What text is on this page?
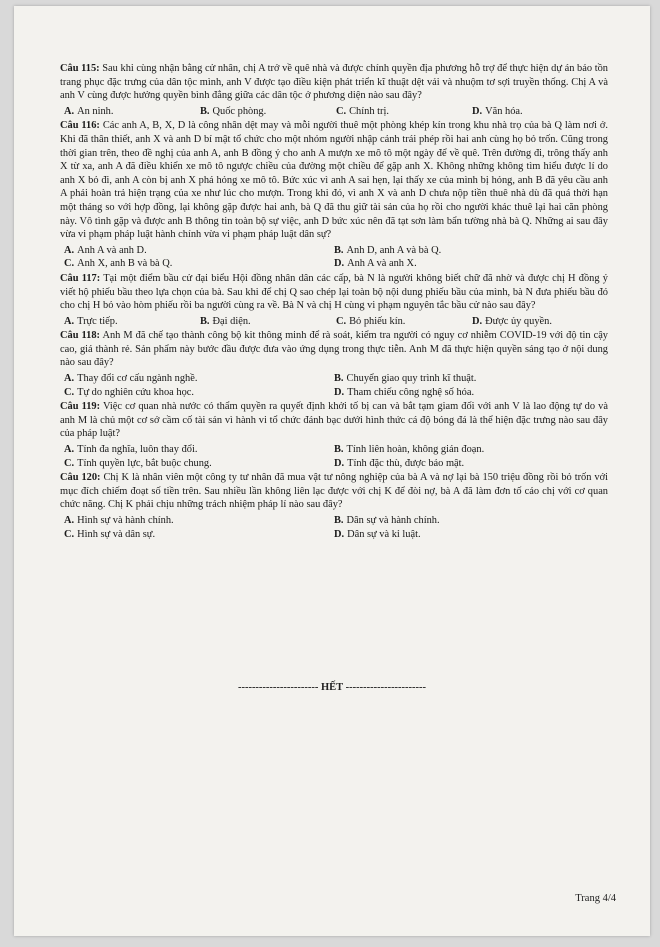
Câu 115: Sau khi cùng nhận bằng cử nhân, chị A trở về quê nhà và được chính quyền địa phương hỗ trợ để thực hiện dự án bảo tồn trang phục đặc trưng của dân tộc mình, anh V được tạo điều kiện phát triển kĩ thuật dệt vải và nhuộm tơ sợi truyền thống. Chị A và anh V cùng được hưởng quyền bình đẳng giữa các dân tộc ở phương diện nào sau đây?

A. An ninh.	B. Quốc phòng.	C. Chính trị.	D. Văn hóa.

Câu 116: Các anh A, B, X, D là công nhân dệt may và mỗi người thuê một phòng khép kín trong khu nhà trọ của bà Q làm nơi ở. Khi đã thân thiết, anh X và anh D bí mật tổ chức cho một nhóm người nhập cảnh trái phép rồi hai anh cùng họ bỏ trốn. Cũng trong thời gian trên, theo đề nghị của anh A, anh B đồng ý cho anh A mượn xe mô tô một ngày để về quê. Trên đường đi, trông thấy anh X từ xa, anh A đã điều khiển xe mô tô ngược chiều của đường một chiều để gặp anh X. Không những không tìm hiểu được lí do anh X bỏ đi, anh A còn bị anh X phá hỏng xe mô tô. Bức xúc vì anh A sai hẹn, lại thấy xe của mình bị hỏng, anh B đã yêu cầu anh A phải hoàn trả hiện trạng của xe như lúc cho mượn. Trong khi đó, vì anh X và anh D chưa nộp tiền thuê nhà dù đã quá thời hạn một tháng so với hợp đồng, lại không gặp được hai anh, bà Q đã thu giữ tài sản của họ rồi cho người khác thuê lại hai căn phòng này. Vô tình gặp và được anh B thông tin toàn bộ sự việc, anh D bức xúc nên đã tạt sơn làm bẩn tường nhà bà Q. Những ai sau đây vừa vi phạm pháp luật hành chính vừa vi phạm pháp luật dân sự?

A. Anh A và anh D.	B. Anh D, anh A và bà Q.
C. Anh X, anh B và bà Q.	D. Anh A và anh X.

Câu 117: Tại một điểm bầu cử đại biểu Hội đồng nhân dân các cấp, bà N là người không biết chữ đã nhờ và được chị H đồng ý viết hộ phiếu bầu theo lựa chọn của bà. Sau khi để chị Q sao chép lại toàn bộ nội dung phiếu bầu của mình, bà N đưa phiếu bầu đó cho chị H bỏ vào hòm phiếu rồi ba người cùng ra về. Bà N và chị H cùng vi phạm nguyên tắc bầu cử nào sau đây?

A. Trực tiếp.	B. Đại diện.	C. Bỏ phiếu kín.	D. Được ủy quyền.

Câu 118: Anh M đã chế tạo thành công bộ kit thông minh để rà soát, kiểm tra người có nguy cơ nhiễm COVID-19 với độ tin cậy cao, giá thành rẻ. Sản phẩm này bước đầu được đưa vào ứng dụng trong thực tiễn. Anh M đã thực hiện quyền sáng tạo ở nội dung nào sau đây?

A. Thay đổi cơ cấu ngành nghề.	B. Chuyển giao quy trình kĩ thuật.
C. Tự do nghiên cứu khoa học.	D. Tham chiếu công nghệ số hóa.

Câu 119: Việc cơ quan nhà nước có thẩm quyền ra quyết định khởi tố bị can và bắt tạm giam đối với anh V là lao động tự do và anh M là chủ một cơ sở cầm cố tài sản vì hành vi tổ chức đánh bạc dưới hình thức cá độ bóng đá là thể hiện đặc trưng nào sau đây của pháp luật?

A. Tính đa nghĩa, luôn thay đổi.	B. Tính liên hoàn, không gián đoạn.
C. Tính quyền lực, bắt buộc chung.	D. Tính đặc thù, được bảo mật.

Câu 120: Chị K là nhân viên một công ty tư nhân đã mua vật tư nông nghiệp của bà A và nợ lại bà 150 triệu đồng rồi bỏ trốn với mục đích chiếm đoạt số tiền trên. Sau nhiều lần không liên lạc được với chị K để đòi nợ, bà A đã làm đơn tố cáo chị với cơ quan chức năng. Chị K phải chịu những trách nhiệm pháp lí nào sau đây?

A. Hình sự và hành chính.	B. Dân sự và hành chính.
C. Hình sự và dân sự.	D. Dân sự và kỉ luật.
----------------------- HẾT -----------------------
Trang 4/4
